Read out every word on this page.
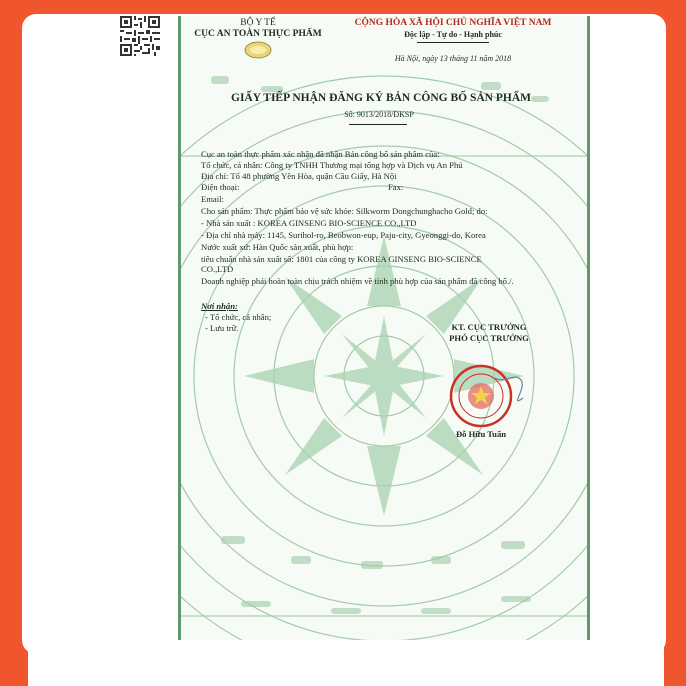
BỘ Y TẾ
CỤC AN TOÀN THỰC PHẨM
CỘNG HÒA XÃ HỘI CHỦ NGHĨA VIỆT NAM
Độc lập - Tự do - Hạnh phúc
Hà Nội, ngày 13 tháng 11 năm 2018
GIẤY TIẾP NHẬN ĐĂNG KÝ BẢN CÔNG BỐ SẢN PHẨM
Số: 9013/2018/ĐKSP
Cục an toàn thực phẩm xác nhận đã nhận Bản công bố sản phẩm của:
Tổ chức, cá nhân: Công ty TNHH Thương mại tổng hợp và Dịch vụ An Phú
Địa chỉ: Tổ 48 phường Yên Hòa, quận Cầu Giấy, Hà Nội
Điện thoại:	Fax:
Email:
Cho sản phẩm: Thực phẩm bảo vệ sức khỏe: Silkworm Dongchunghacho Gold; do:
- Nhà sản xuất : KOREA GINSENG BIO-SCIENCE CO.,LTD
- Địa chỉ nhà máy: 1145, Surihol-ro, Beobwon-eup, Paju-city, Gyeonggi-do, Korea
Nước xuất xứ: Hàn Quốc sản xuất, phù hợp:
tiêu chuẩn nhà sản xuất số: 1801 của công ty KOREA GINSENG BIO-SCIENCE
CO.,LTD
Doanh nghiệp phải hoàn toàn chịu trách nhiệm về tính phù hợp của sản phẩm đã công bố./.
Nơi nhận:
- Tổ chức, cá nhân;
- Lưu trữ.	KT. CỤC TRƯỞNG
PHÓ CỤC TRƯỞNG
Đỗ Hữu Tuấn
